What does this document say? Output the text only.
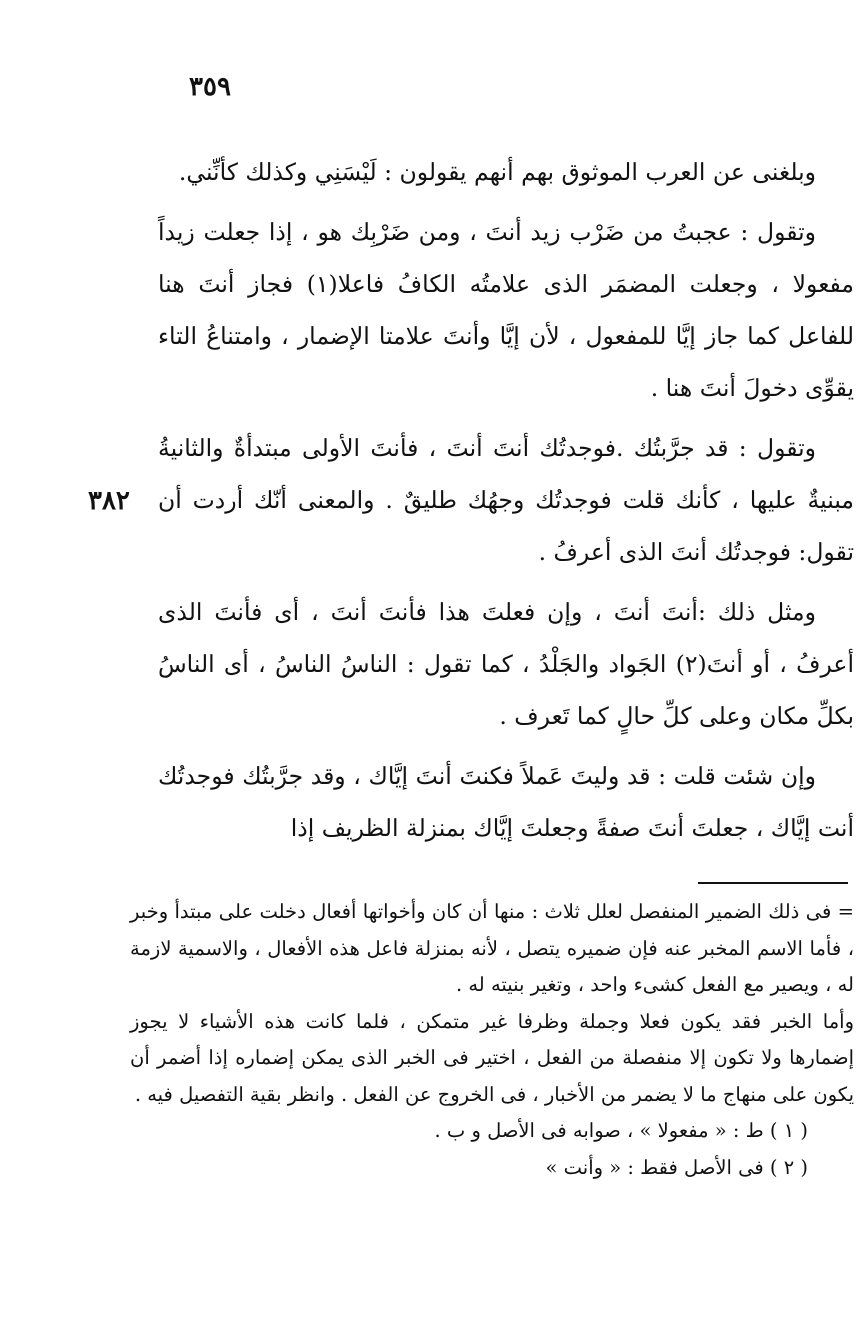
٣٥٩
٣٨٢

وبلغنى عن العرب الموثوق بهم أنهم يقولون : لَيْسَنِي وكذلك كأنِّني.

وتقول : عجبتُ من ضَرْب زيد أنتَ ، ومن ضَرْبِك هو ، إذا جعلت زيداً مفعولا ، وجعلت المضمَر الذى علامتُه الكافُ فاعلا(١) فجاز أنتَ هنا للفاعل كما جاز إيَّا للمفعول ، لأن إيَّا وأنتَ علامتا الإضمار ، وامتناعُ التاء يقوِّى دخولَ أنتَ هنا .

وتقول : قد جرَّبتُك .فوجدتُك أنتَ أنتَ ، فأنتَ الأولى مبتدأةٌ والثانيةُ مبنيةٌ عليها ، كأنك قلت فوجدتُك وجهُك طليقٌ . والمعنى أنّك أردت أن تقول: فوجدتُك أنتَ الذى أعرفُ .

ومثل ذلك :أنتَ أنتَ ، وإن فعلتَ هذا فأنتَ أنتَ ، أى فأنتَ الذى أعرفُ ، أو أنتَ(٢) الجَواد والجَلْدُ ، كما تقول : الناسُ الناسُ ، أى الناسُ بكلِّ مكان وعلى كلِّ حالٍ كما تَعرف .

وإن شئت قلت : قد وليتَ عَملاً فكنتَ أنتَ إيَّاك ، وقد جرَّبتُك فوجدتُك أنت إيَّاك ، جعلتَ أنتَ صفةً وجعلتَ إيَّاك بمنزلة الظريف إذا

= فى ذلك الضمير المنفصل لعلل ثلاث : منها أن كان وأخواتها أفعال دخلت على مبتدأ وخبر ، فأما الاسم المخبر عنه فإن ضميره يتصل ، لأنه بمنزلة فاعل هذه الأفعال ، والاسمية لازمة له ، ويصير مع الفعل كشىء واحد ، وتغير بنيته له .

وأما الخبر فقد يكون فعلا وجملة وظرفا غير متمكن ، فلما كانت هذه الأشياء لا يجوز إضمارها ولا تكون إلا منفصلة من الفعل ، اختير فى الخبر الذى يمكن إضماره إذا أضمر أن يكون على منهاج ما لا يضمر من الأخبار ، فى الخروج عن الفعل . وانظر بقية التفصيل فيه .

( ١ ) ط : « مفعولا » ، صوابه فى الأصل و ب .

( ٢ ) فى الأصل فقط : « وأنت »
